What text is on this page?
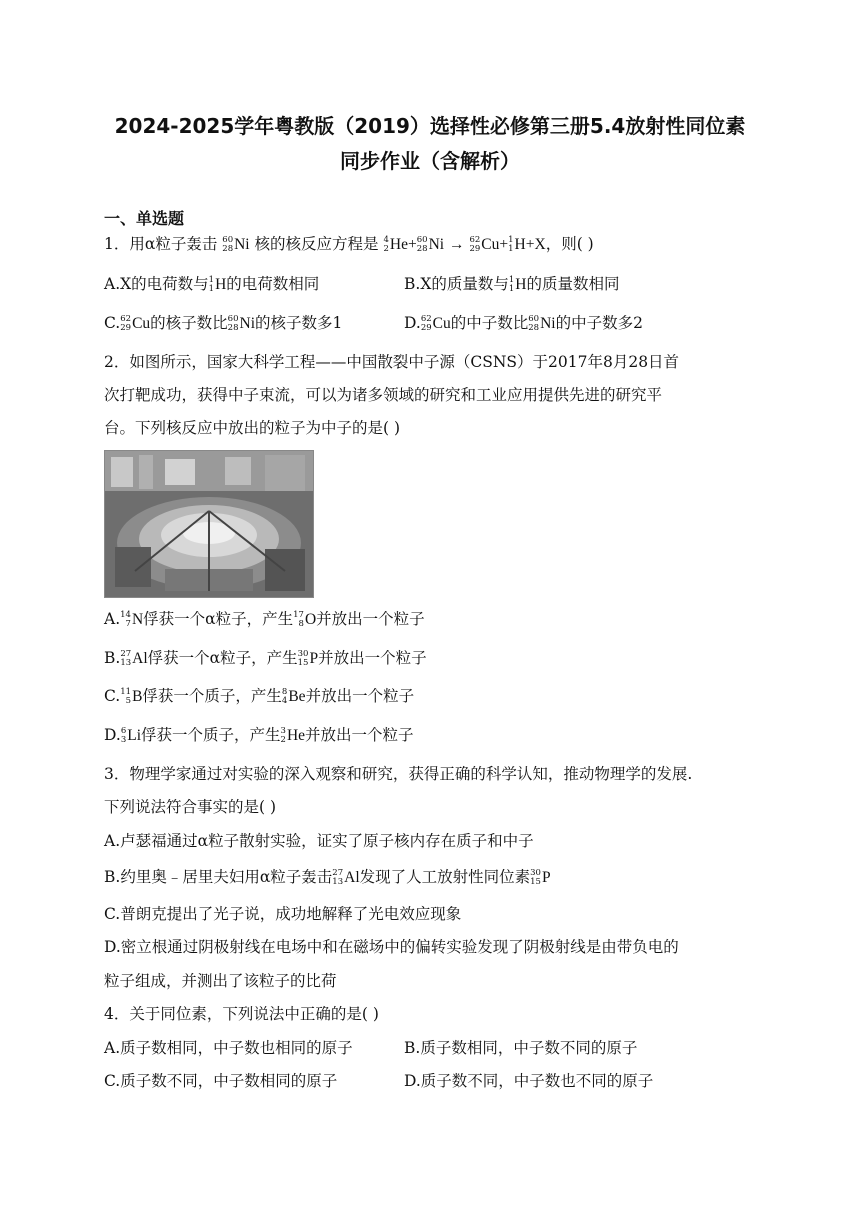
2024-2025学年粤教版（2019）选择性必修第三册5.4放射性同位素
同步作业（含解析）
一、单选题
1．用α粒子轰击 60
28 Ni 核的核反应方程是 4
2 He + 60
28 Ni → 62
29 Cu + 1
1 H +X，则( )
A.X的电荷数与 1
1 H 的电荷数相同	B.X的质量数与 1
1 H 的质量数相同
C. 62
29 Cu 的核子数比 60
28 Ni 的核子数多1	D. 62
29 Cu 的中子数比 60
28 Ni 的中子数多2
2．如图所示，国家大科学工程——中国散裂中子源（CSNS）于2017年8月28日首
次打靶成功，获得中子束流，可以为诸多领域的研究和工业应用提供先进的研究平
台。下列核反应中放出的粒子为中子的是( )
A. 14
7 N 俘获一个α粒子，产生 17
8 O 并放出一个粒子
B. 27
13 Al 俘获一个α粒子，产生 30
15 P 并放出一个粒子
C. 11
5 B 俘获一个质子，产生 8
4 Be 并放出一个粒子
D. 6
3 Li 俘获一个质子，产生 3
2 He 并放出一个粒子
3．物理学家通过对实验的深入观察和研究，获得正确的科学认知，推动物理学的发展.
下列说法符合事实的是( )
A.卢瑟福通过α粒子散射实验，证实了原子核内存在质子和中子
B.约里奥﹣居里夫妇用α粒子轰击 27
13 Al 发现了人工放射性同位素 30
15 P
C.普朗克提出了光子说，成功地解释了光电效应现象
D.密立根通过阴极射线在电场中和在磁场中的偏转实验发现了阴极射线是由带负电的
粒子组成，并测出了该粒子的比荷
4．关于同位素，下列说法中正确的是( )
A.质子数相同，中子数也相同的原子	B.质子数相同，中子数不同的原子
C.质子数不同，中子数相同的原子	D.质子数不同，中子数也不同的原子
